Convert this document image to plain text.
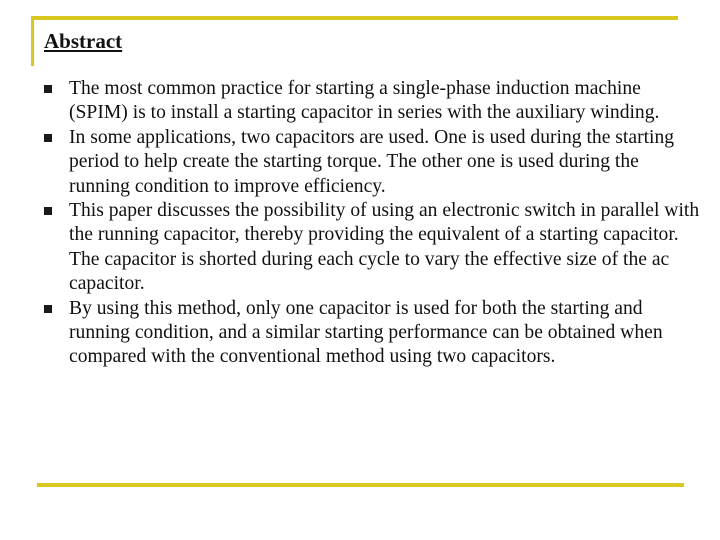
Abstract
The most common practice for starting a single-phase induction machine (SPIM) is to install a starting capacitor in series with the auxiliary winding.
In some applications, two capacitors are used. One is used during the starting period to help create the starting torque. The other one is used during the running condition to improve efficiency.
This paper discusses the possibility of using an electronic switch in parallel with the running capacitor, thereby providing the equivalent of a starting capacitor. The capacitor is shorted during each cycle to vary the effective size of the ac capacitor.
By using this method, only one capacitor is used for both the starting and running condition, and a similar starting performance can be obtained when compared with the conventional method using two capacitors.
